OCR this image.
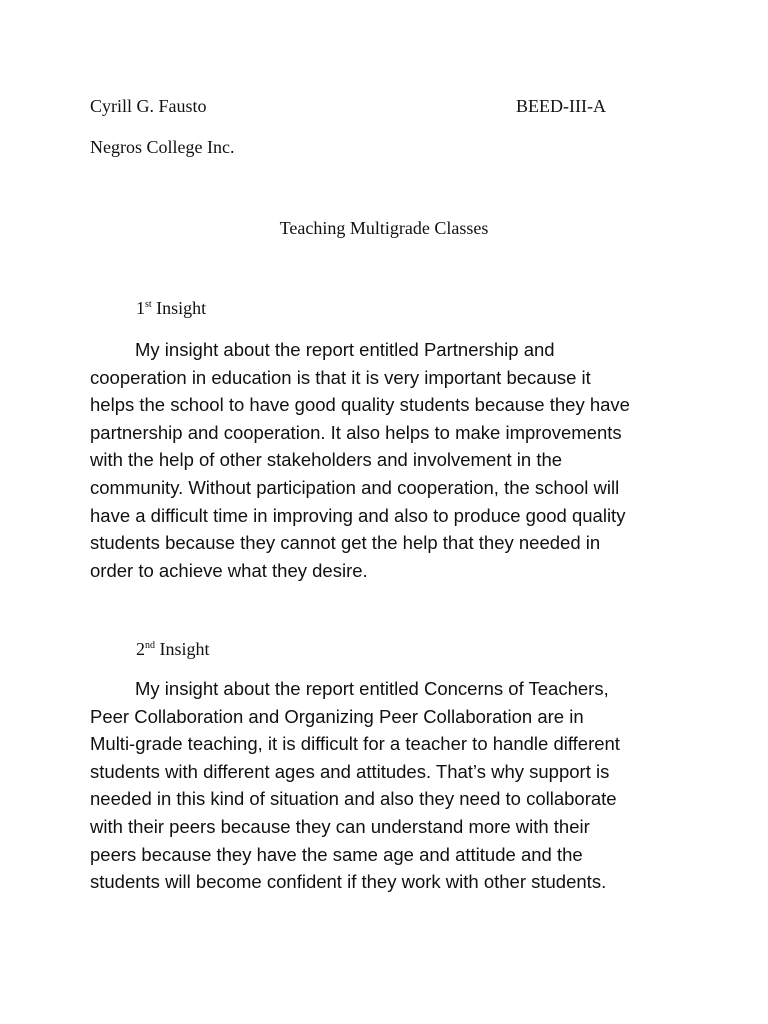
Cyrill G. Fausto	BEED-III-A
Negros College Inc.
Teaching Multigrade Classes
1st Insight
My insight about the report entitled Partnership and
cooperation in education is that it is very important because it
helps the school to have good quality students because they have
partnership and cooperation. It also helps to make improvements
with the help of other stakeholders and involvement in the
community. Without participation and cooperation, the school will
have a difficult time in improving and also to produce good quality
students because they cannot get the help that they needed in
order to achieve what they desire.
2nd Insight
My insight about the report entitled Concerns of Teachers,
Peer Collaboration and Organizing Peer Collaboration are in
Multi-grade teaching, it is difficult for a teacher to handle different
students with different ages and attitudes. That’s why support is
needed in this kind of situation and also they need to collaborate
with their peers because they can understand more with their
peers because they have the same age and attitude and the
students will become confident if they work with other students.
